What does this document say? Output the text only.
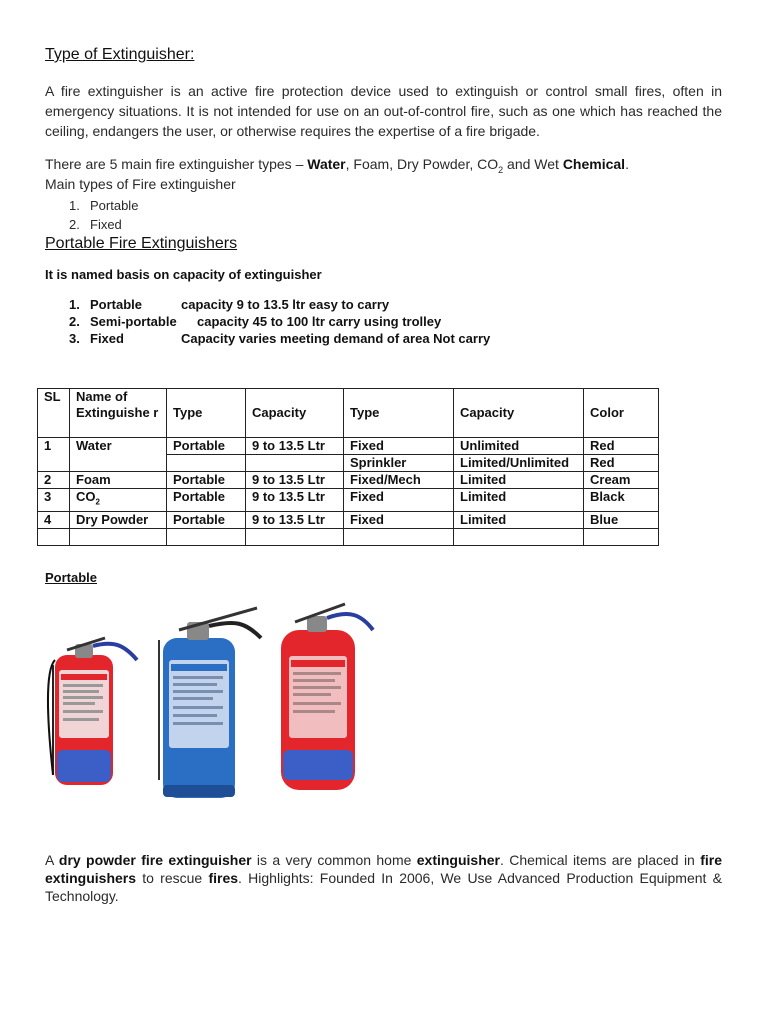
Type of Extinguisher:
A fire extinguisher is an active fire protection device used to extinguish or control small fires, often in emergency situations. It is not intended for use on an out-of-control fire, such as one which has reached the ceiling, endangers the user, or otherwise requires the expertise of a fire brigade.
There are 5 main fire extinguisher types – Water, Foam, Dry Powder, $CO_2$ and Wet Chemical.
Main types of Fire extinguisher
1. Portable
2. Fixed
Portable Fire Extinguishers
It is named basis on capacity of extinguisher
1. Portable	capacity 9 to 13.5 ltr easy to carry
2. Semi-portable capacity 45 to 100 ltr carry using trolley
3. Fixed	Capacity varies meeting demand of area Not carry
SL	Name of Extinguishe r	Type	Capacity	Type	Capacity	Color
1	Water	Portable	9 to 13.5 Ltr	Fixed	Unlimited	Red
				Sprinkler	Limited/Unlimited	Red
2	Foam	Portable	9 to 13.5 Ltr	Fixed/Mech	Limited	Cream
3	$CO_2$	Portable	9 to 13.5 Ltr	Fixed	Limited	Black
4	Dry Powder	Portable	9 to 13.5 Ltr	Fixed	Limited	Blue

Portable
A dry powder fire extinguisher is a very common home extinguisher. Chemical items are placed in fire extinguishers to rescue fires. Highlights: Founded In 2006, We Use Advanced Production Equipment & Technology.
